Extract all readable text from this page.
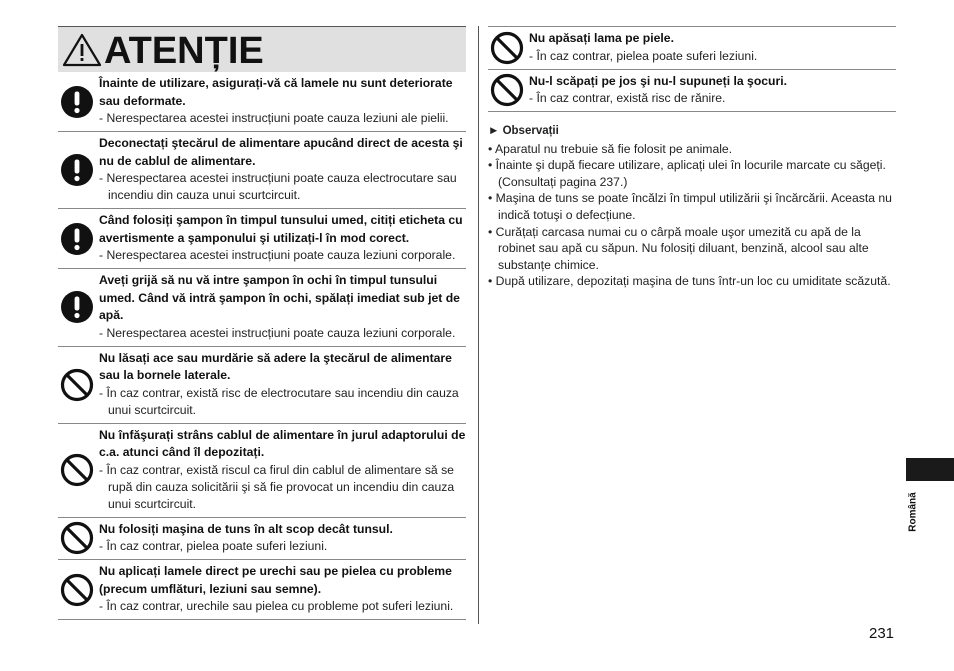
ATENȚIE
Înainte de utilizare, asigurați-vă că lamele nu sunt deteriorate sau deformate.
- Nerespectarea acestei instrucțiuni poate cauza leziuni ale pielii.
Deconectați ştecărul de alimentare apucând direct de acesta şi nu de cablul de alimentare.
- Nerespectarea acestei instrucțiuni poate cauza electrocutare sau incendiu din cauza unui scurtcircuit.
Când folosiți şampon în timpul tunsului umed, citiți eticheta cu avertismente a şamponului şi utilizați-l în mod corect.
- Nerespectarea acestei instrucțiuni poate cauza leziuni corporale.
Aveți grijă să nu vă intre şampon în ochi în timpul tunsului umed. Când vă intră şampon în ochi, spălați imediat sub jet de apă.
- Nerespectarea acestei instrucțiuni poate cauza leziuni corporale.
Nu lăsați ace sau murdărie să adere la ştecărul de alimentare sau la bornele laterale.
- În caz contrar, există risc de electrocutare sau incendiu din cauza unui scurtcircuit.
Nu înfăşurați strâns cablul de alimentare în jurul adaptorului de c.a. atunci când îl depozitați.
- În caz contrar, există riscul ca firul din cablul de alimentare să se rupă din cauza solicitării şi să fie provocat un incendiu din cauza unui scurtcircuit.
Nu folosiți maşina de tuns în alt scop decât tunsul.
- În caz contrar, pielea poate suferi leziuni.
Nu aplicați lamele direct pe urechi sau pe pielea cu probleme (precum umflături, leziuni sau semne).
- În caz contrar, urechile sau pielea cu probleme pot suferi leziuni.
Nu apăsați lama pe piele.
- În caz contrar, pielea poate suferi leziuni.
Nu-l scăpați pe jos şi nu-l supuneți la şocuri.
- În caz contrar, există risc de rănire.
► Observații
• Aparatul nu trebuie să fie folosit pe animale.
• Înainte şi după fiecare utilizare, aplicați ulei în locurile marcate cu săgeți. (Consultați pagina 237.)
• Maşina de tuns se poate încălzi în timpul utilizării şi încărcării. Aceasta nu indică totuşi o defecțiune.
• Curățați carcasa numai cu o cârpă moale uşor umezită cu apă de la robinet sau apă cu săpun. Nu folosiți diluant, benzină, alcool sau alte substanțe chimice.
• După utilizare, depozitați maşina de tuns într-un loc cu umiditate scăzută.
Română
231
